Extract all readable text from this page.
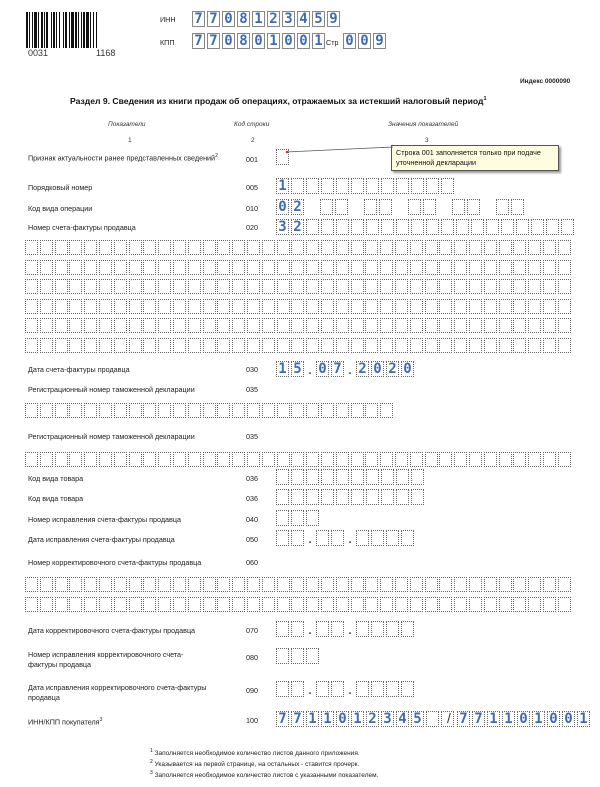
0031	1168
ИНН 7 7 0 8 1 2 3 4 5 9
КПП 7 7 0 8 0 1 0 0 1 Стр 0 0 9
Индекс 0000090
Раздел 9. Сведения из книги продаж об операциях, отражаемых за истекший налоговый период$^1$
Показатели	Код строки	Значения показателей
1	2	3
Признак актуальности ранее представленных сведений$^2$	001
Строка 001 заполняется только при подаче уточненной декларации
Порядковый номер	005 1
Код вида операции	010 0 2
Номер счета-фактуры продавца	020 3 2
Дата счета-фактуры продавца	030 1 5 . 0 7 . 2 0 2 0
Регистрационный номер таможенной декларации	035
Регистрационный номер таможенной декларации	035
Код вида товара	036
Код вида товара	036
Номер исправления счета-фактуры продавца	040
Дата исправления счета-фактуры продавца	050	.	.
Номер корректировочного счета-фактуры продавца	060
Дата корректировочного счета-фактуры продавца	070	.	.
Номер исправления корректировочного счета-
фактуры продавца
080
Дата исправления корректировочного счета-фактуры
продавца
090	.	.
ИНН/КПП покупателя$^3$	100 7 7 1 1 0 1 2 3 4 5 / 7 7 1 1 0 1 0 0 1
$^1$ Заполняется необходимое количество листов данного приложения.
$^2$ Указывается на первой странице, на остальных - ставится прочерк.
$^3$ Заполняется необходимое количество листов с указанными показателем.
